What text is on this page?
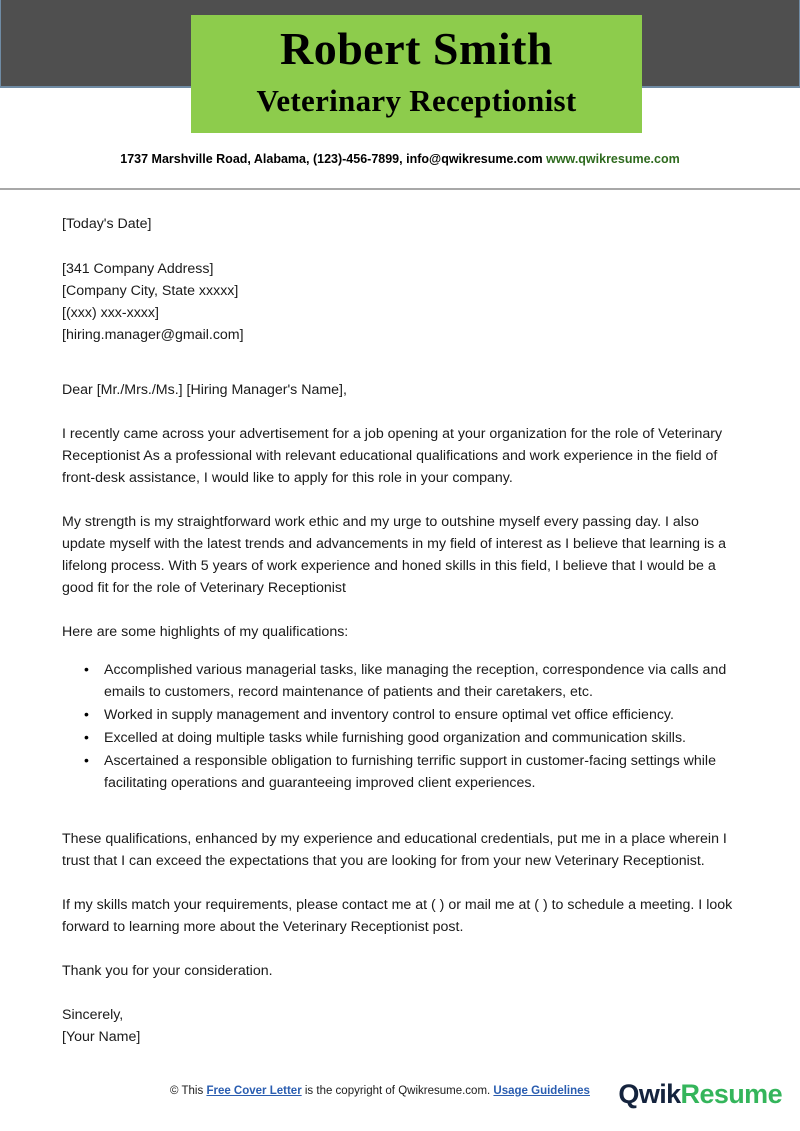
Robert Smith
Veterinary Receptionist
1737 Marshville Road, Alabama, (123)-456-7899, info@qwikresume.com www.qwikresume.com
[Today's Date]
[341 Company Address]
[Company City, State xxxxx]
[(xxx) xxx-xxxx]
[hiring.manager@gmail.com]
Dear [Mr./Mrs./Ms.] [Hiring Manager's Name],
I recently came across your advertisement for a job opening at your organization for the role of Veterinary Receptionist As a professional with relevant educational qualifications and work experience in the field of front-desk assistance, I would like to apply for this role in your company.
My strength is my straightforward work ethic and my urge to outshine myself every passing day. I also update myself with the latest trends and advancements in my field of interest as I believe that learning is a lifelong process. With 5 years of work experience and honed skills in this field, I believe that I would be a good fit for the role of Veterinary Receptionist
Here are some highlights of my qualifications:
• Accomplished various managerial tasks, like managing the reception, correspondence via calls and emails to customers, record maintenance of patients and their caretakers, etc.
• Worked in supply management and inventory control to ensure optimal vet office efficiency.
• Excelled at doing multiple tasks while furnishing good organization and communication skills.
• Ascertained a responsible obligation to furnishing terrific support in customer-facing settings while facilitating operations and guaranteeing improved client experiences.
These qualifications, enhanced by my experience and educational credentials, put me in a place wherein I trust that I can exceed the expectations that you are looking for from your new Veterinary Receptionist.
If my skills match your requirements, please contact me at ( ) or mail me at ( ) to schedule a meeting. I look forward to learning more about the Veterinary Receptionist post.
Thank you for your consideration.
Sincerely,
[Your Name]
© This Free Cover Letter is the copyright of Qwikresume.com. Usage Guidelines	QwikResume
